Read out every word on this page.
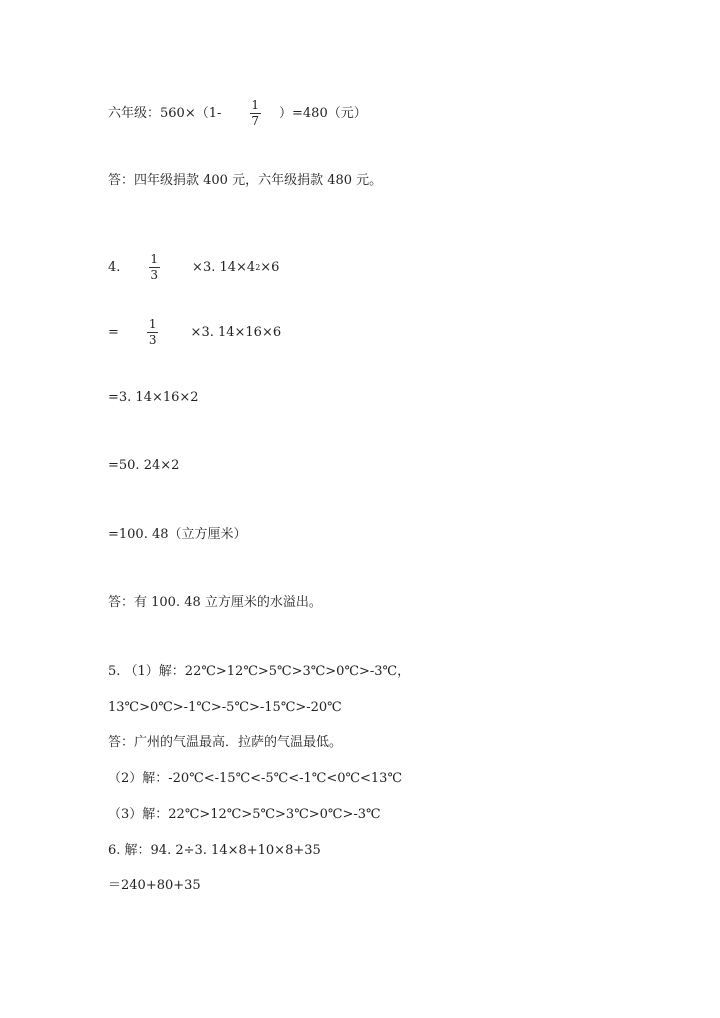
六年级：$560\times(1- \frac{1}{7} )=480$（元）
答：四年级捐款 400 元，六年级捐款 480 元。
4. $\frac{1}{3} \times 3$. 14×4 2 ×6
= $\frac{1}{3} \times 3$. 14×16×6
=3. 14×16×2
=50. 24×2
=100. 48（立方厘米）
答：有 100. 48 立方厘米的水溢出。
5. （1）解：22℃>12℃>5℃>3℃>0℃>-3℃，
13℃>0℃>-1℃>-5℃>-15℃>-20℃
答：广州的气温最高．拉萨的气温最低。
（2）解：-20℃<-15℃<-5℃<-1℃<0℃<13℃
（3）解：22℃>12℃>5℃>3℃>0℃>-3℃
6. 解：94. 2÷3. 14×8+10×8+35
＝240+80+35
